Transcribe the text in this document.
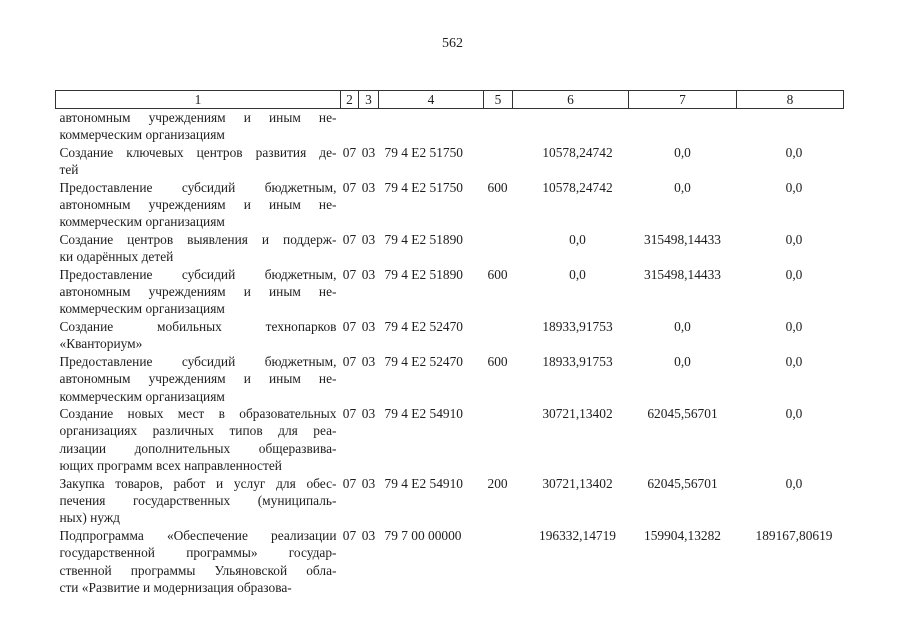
562
1	2	3	4	5	6	7	8

автономным учреждениям и иным не-
коммерческим организациям							

Создание ключевых центров развития де-
тей	07	03	79 4 E2 51750		10578,24742	0,0	0,0

Предоставление субсидий бюджетным,
автономным учреждениям и иным не-
коммерческим организациям	07	03	79 4 E2 51750	600	10578,24742	0,0	0,0

Создание центров выявления и поддерж-
ки одарённых детей	07	03	79 4 E2 51890		0,0	315498,14433	0,0

Предоставление субсидий бюджетным,
автономным учреждениям и иным не-
коммерческим организациям	07	03	79 4 E2 51890	600	0,0	315498,14433	0,0

Создание мобильных технопарков
«Кванториум»	07	03	79 4 E2 52470		18933,91753	0,0	0,0

Предоставление субсидий бюджетным,
автономным учреждениям и иным не-
коммерческим организациям	07	03	79 4 E2 52470	600	18933,91753	0,0	0,0

Создание новых мест в образовательных
организациях различных типов для реа-
лизации дополнительных общеразвива-
ющих программ всех направленностей	07	03	79 4 E2 54910		30721,13402	62045,56701	0,0

Закупка товаров, работ и услуг для обес-
печения государственных (муниципаль-
ных) нужд	07	03	79 4 E2 54910	200	30721,13402	62045,56701	0,0

Подпрограмма «Обеспечение реализации
государственной программы» государ-
ственной программы Ульяновской обла-
сти «Развитие и модернизация образова-	07	03	79 7 00 00000		196332,14719	159904,13282	189167,80619
